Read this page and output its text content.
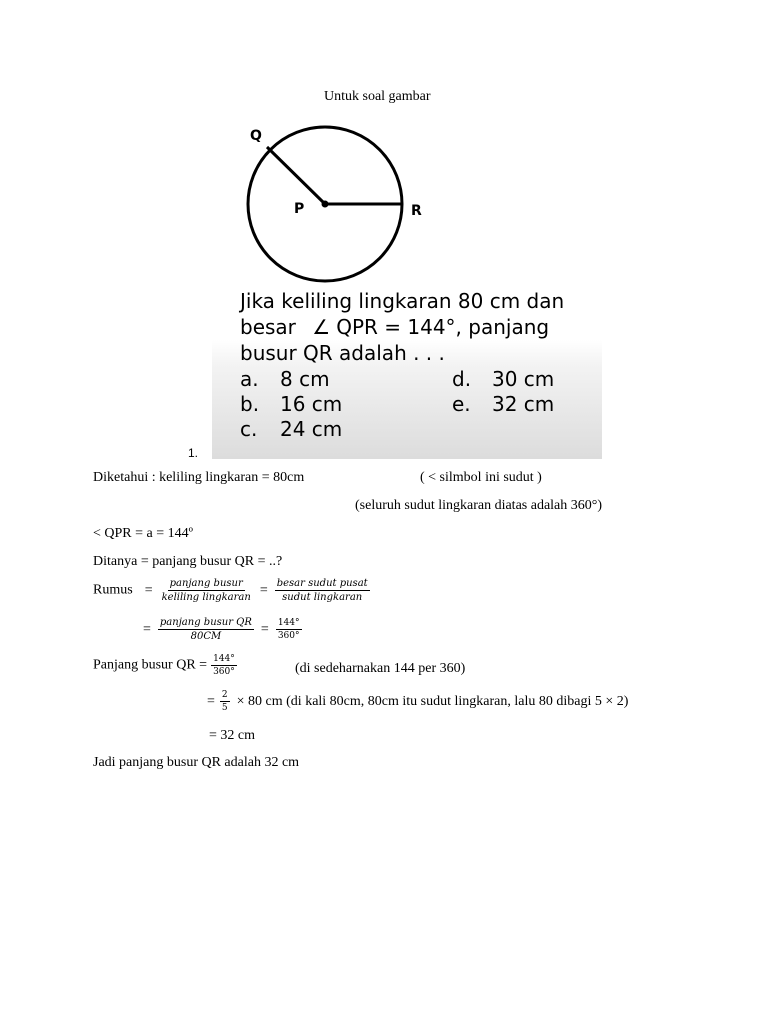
Untuk soal gambar
Q
P	R
Jika keliling lingkaran 80 cm dan
besar ∠ QPR = 144°, panjang
busur QR adalah . . .
a. 8 cm
b. 16 cm
c. 24 cm
d. 30 cm
e. 32 cm
1.
Diketahui : keliling lingkaran = 80cm	( < silmbol ini sudut )
(seluruh sudut lingkaran diatas adalah 360°)
< QPR = a = 144º
Ditanya = panjang busur QR = ..?
Rumus = $\frac{\text{panjang busur}}{\text{keliling lingkaran}} = \frac{\text{besar sudut pusat}}{\text{sudut lingkaran}}$
= $\frac{\text{panjang busur QR}}{80CM} = \frac{144^\circ}{360^\circ}$
Panjang busur QR = $\frac{144^\circ}{360^\circ}$	(di sedeharnakan 144 per 360)
= $\frac{2}{5} \times 80$ cm (di kali 80cm, 80cm itu sudut lingkaran, lalu 80 dibagi 5 × 2)
= 32 cm
Jadi panjang busur QR adalah 32 cm
